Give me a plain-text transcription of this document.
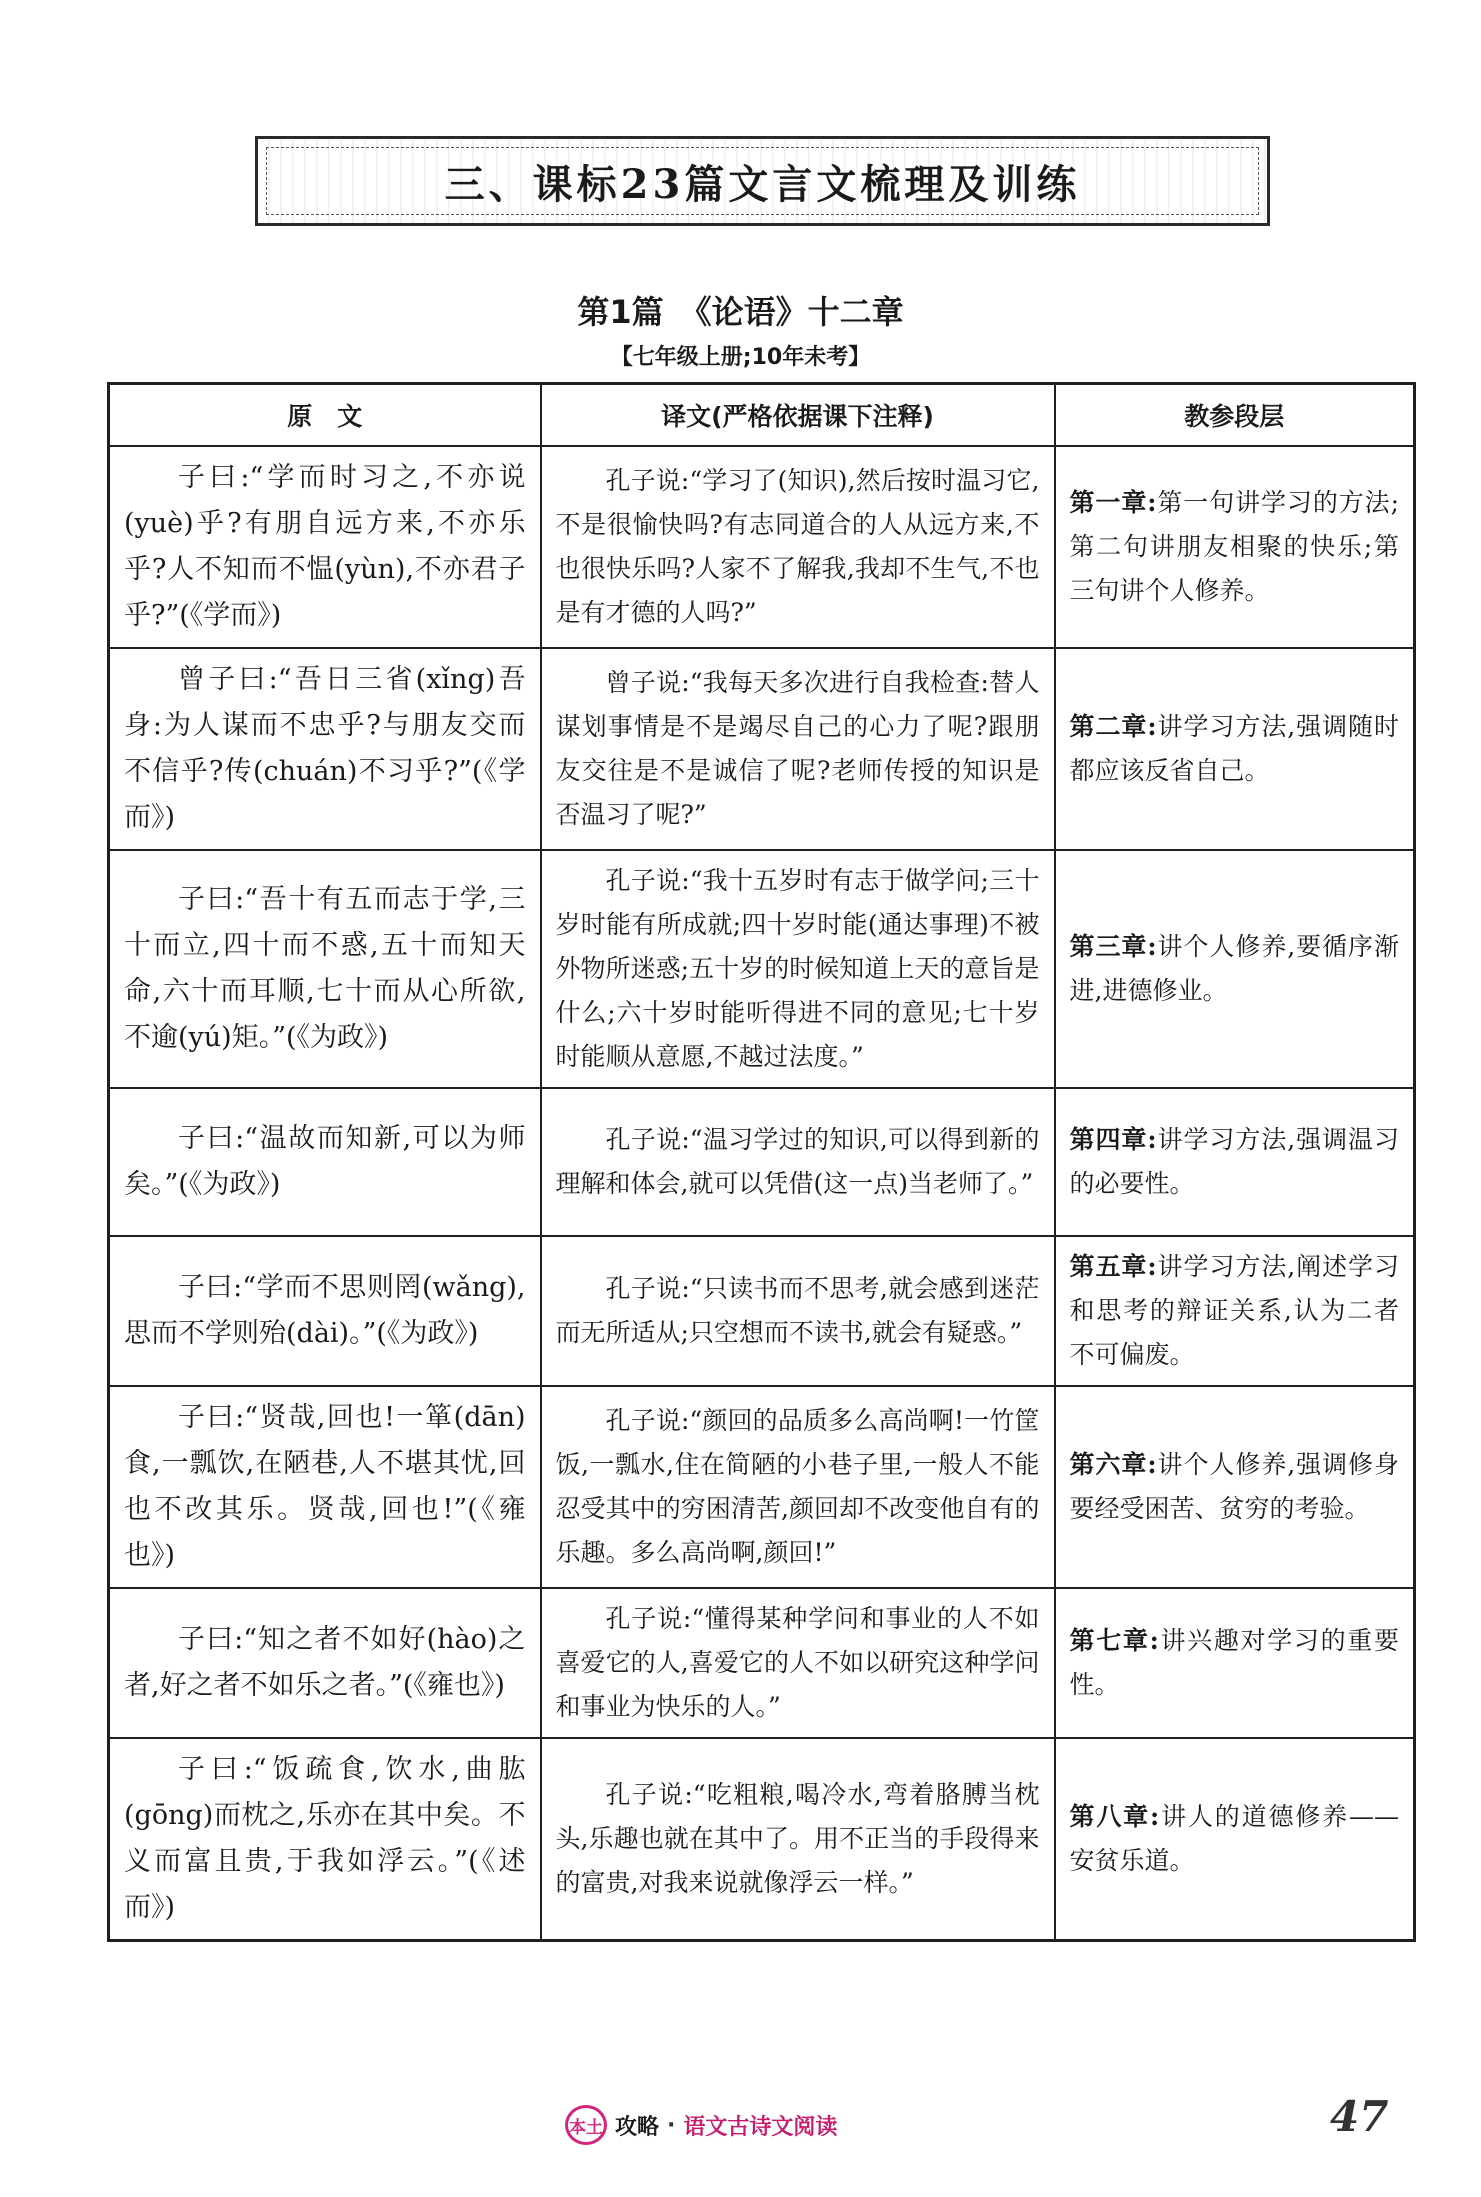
三、课标23篇文言文梳理及训练
第1篇　《论语》十二章
【七年级上册;10年未考】
原　文	译文(严格依据课下注释)	教参段层

子曰:“学而时习之,不亦说(yuè)乎?有朋自远方来,不亦乐乎?人不知而不愠(yùn),不亦君子乎?”(《学而》)	孔子说:“学习了(知识),然后按时温习它,不是很愉快吗?有志同道合的人从远方来,不也很快乐吗?人家不了解我,我却不生气,不也是有才德的人吗?”	第一章:第一句讲学习的方法;第二句讲朋友相聚的快乐;第三句讲个人修养。

曾子曰:“吾日三省(xǐng)吾身:为人谋而不忠乎?与朋友交而不信乎?传(chuán)不习乎?”(《学而》)	曾子说:“我每天多次进行自我检查:替人谋划事情是不是竭尽自己的心力了呢?跟朋友交往是不是诚信了呢?老师传授的知识是否温习了呢?”	第二章:讲学习方法,强调随时都应该反省自己。

子曰:“吾十有五而志于学,三十而立,四十而不惑,五十而知天命,六十而耳顺,七十而从心所欲,不逾(yú)矩。”(《为政》)	孔子说:“我十五岁时有志于做学问;三十岁时能有所成就;四十岁时能(通达事理)不被外物所迷惑;五十岁的时候知道上天的意旨是什么;六十岁时能听得进不同的意见;七十岁时能顺从意愿,不越过法度。”	第三章:讲个人修养,要循序渐进,进德修业。

子曰:“温故而知新,可以为师矣。”(《为政》)	孔子说:“温习学过的知识,可以得到新的理解和体会,就可以凭借(这一点)当老师了。”	第四章:讲学习方法,强调温习的必要性。

子曰:“学而不思则罔(wǎng),思而不学则殆(dài)。”(《为政》)	孔子说:“只读书而不思考,就会感到迷茫而无所适从;只空想而不读书,就会有疑惑。”	第五章:讲学习方法,阐述学习和思考的辩证关系,认为二者不可偏废。

子曰:“贤哉,回也!一箪(dān)食,一瓢饮,在陋巷,人不堪其忧,回也不改其乐。贤哉,回也!”(《雍也》)	孔子说:“颜回的品质多么高尚啊!一竹筐饭,一瓢水,住在简陋的小巷子里,一般人不能忍受其中的穷困清苦,颜回却不改变他自有的乐趣。多么高尚啊,颜回!”	第六章:讲个人修养,强调修身要经受困苦、贫穷的考验。

子曰:“知之者不如好(hào)之者,好之者不如乐之者。”(《雍也》)	孔子说:“懂得某种学问和事业的人不如喜爱它的人,喜爱它的人不如以研究这种学问和事业为快乐的人。”	第七章:讲兴趣对学习的重要性。

子曰:“饭疏食,饮水,曲肱(gōng)而枕之,乐亦在其中矣。不义而富且贵,于我如浮云。”(《述而》)	孔子说:“吃粗粮,喝冷水,弯着胳膊当枕头,乐趣也就在其中了。用不正当的手段得来的富贵,对我来说就像浮云一样。”	第八章:讲人的道德修养——安贫乐道。
本土 攻略 · 语文古诗文阅读	47
